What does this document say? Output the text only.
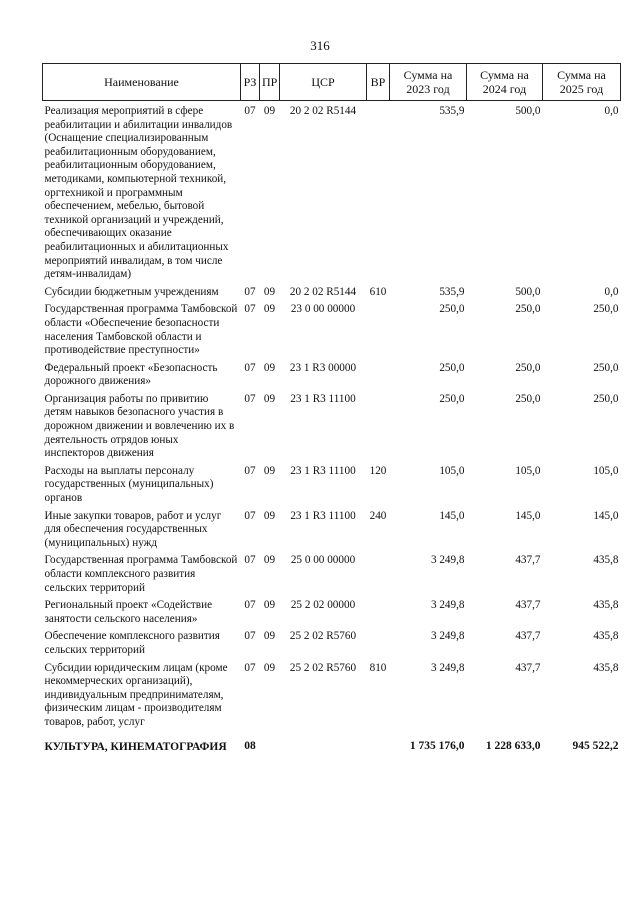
316
Наименование	РЗ	ПР	ЦСР	ВР	Сумма на 2023 год	Сумма на 2024 год	Сумма на 2025 год
Реализация мероприятий в сфере реабилитации и абилитации инвалидов (Оснащение специализированным реабилитационным оборудованием, реабилитационным оборудованием, методиками, компьютерной техникой, оргтехникой и программным обеспечением, мебелью, бытовой техникой организаций и учреждений, обеспечивающих оказание реабилитационных и абилитационных мероприятий инвалидам, в том числе детям-инвалидам)	07	09	20 2 02 R5144		535,9	500,0	0,0
Субсидии бюджетным учреждениям	07	09	20 2 02 R5144	610	535,9	500,0	0,0
Государственная программа Тамбовской области «Обеспечение безопасности населения Тамбовской области и противодействие преступности»	07	09	23 0 00 00000		250,0	250,0	250,0
Федеральный проект «Безопасность дорожного движения»	07	09	23 1 R3 00000		250,0	250,0	250,0
Организация работы по привитию детям навыков безопасного участия в дорожном движении и вовлечению их в деятельность отрядов юных инспекторов движения	07	09	23 1 R3 11100		250,0	250,0	250,0
Расходы на выплаты персоналу государственных (муниципальных) органов	07	09	23 1 R3 11100	120	105,0	105,0	105,0
Иные закупки товаров, работ и услуг для обеспечения государственных (муниципальных) нужд	07	09	23 1 R3 11100	240	145,0	145,0	145,0
Государственная программа Тамбовской области комплексного развития сельских территорий	07	09	25 0 00 00000		3 249,8	437,7	435,8
Региональный проект «Содействие занятости сельского населения»	07	09	25 2 02 00000		3 249,8	437,7	435,8
Обеспечение комплексного развития сельских территорий	07	09	25 2 02 R5760		3 249,8	437,7	435,8
Субсидии юридическим лицам (кроме некоммерческих организаций), индивидуальным предпринимателям, физическим лицам - производителям товаров, работ, услуг	07	09	25 2 02 R5760	810	3 249,8	437,7	435,8
КУЛЬТУРА, КИНЕМАТОГРАФИЯ	08				1 735 176,0	1 228 633,0	945 522,2
